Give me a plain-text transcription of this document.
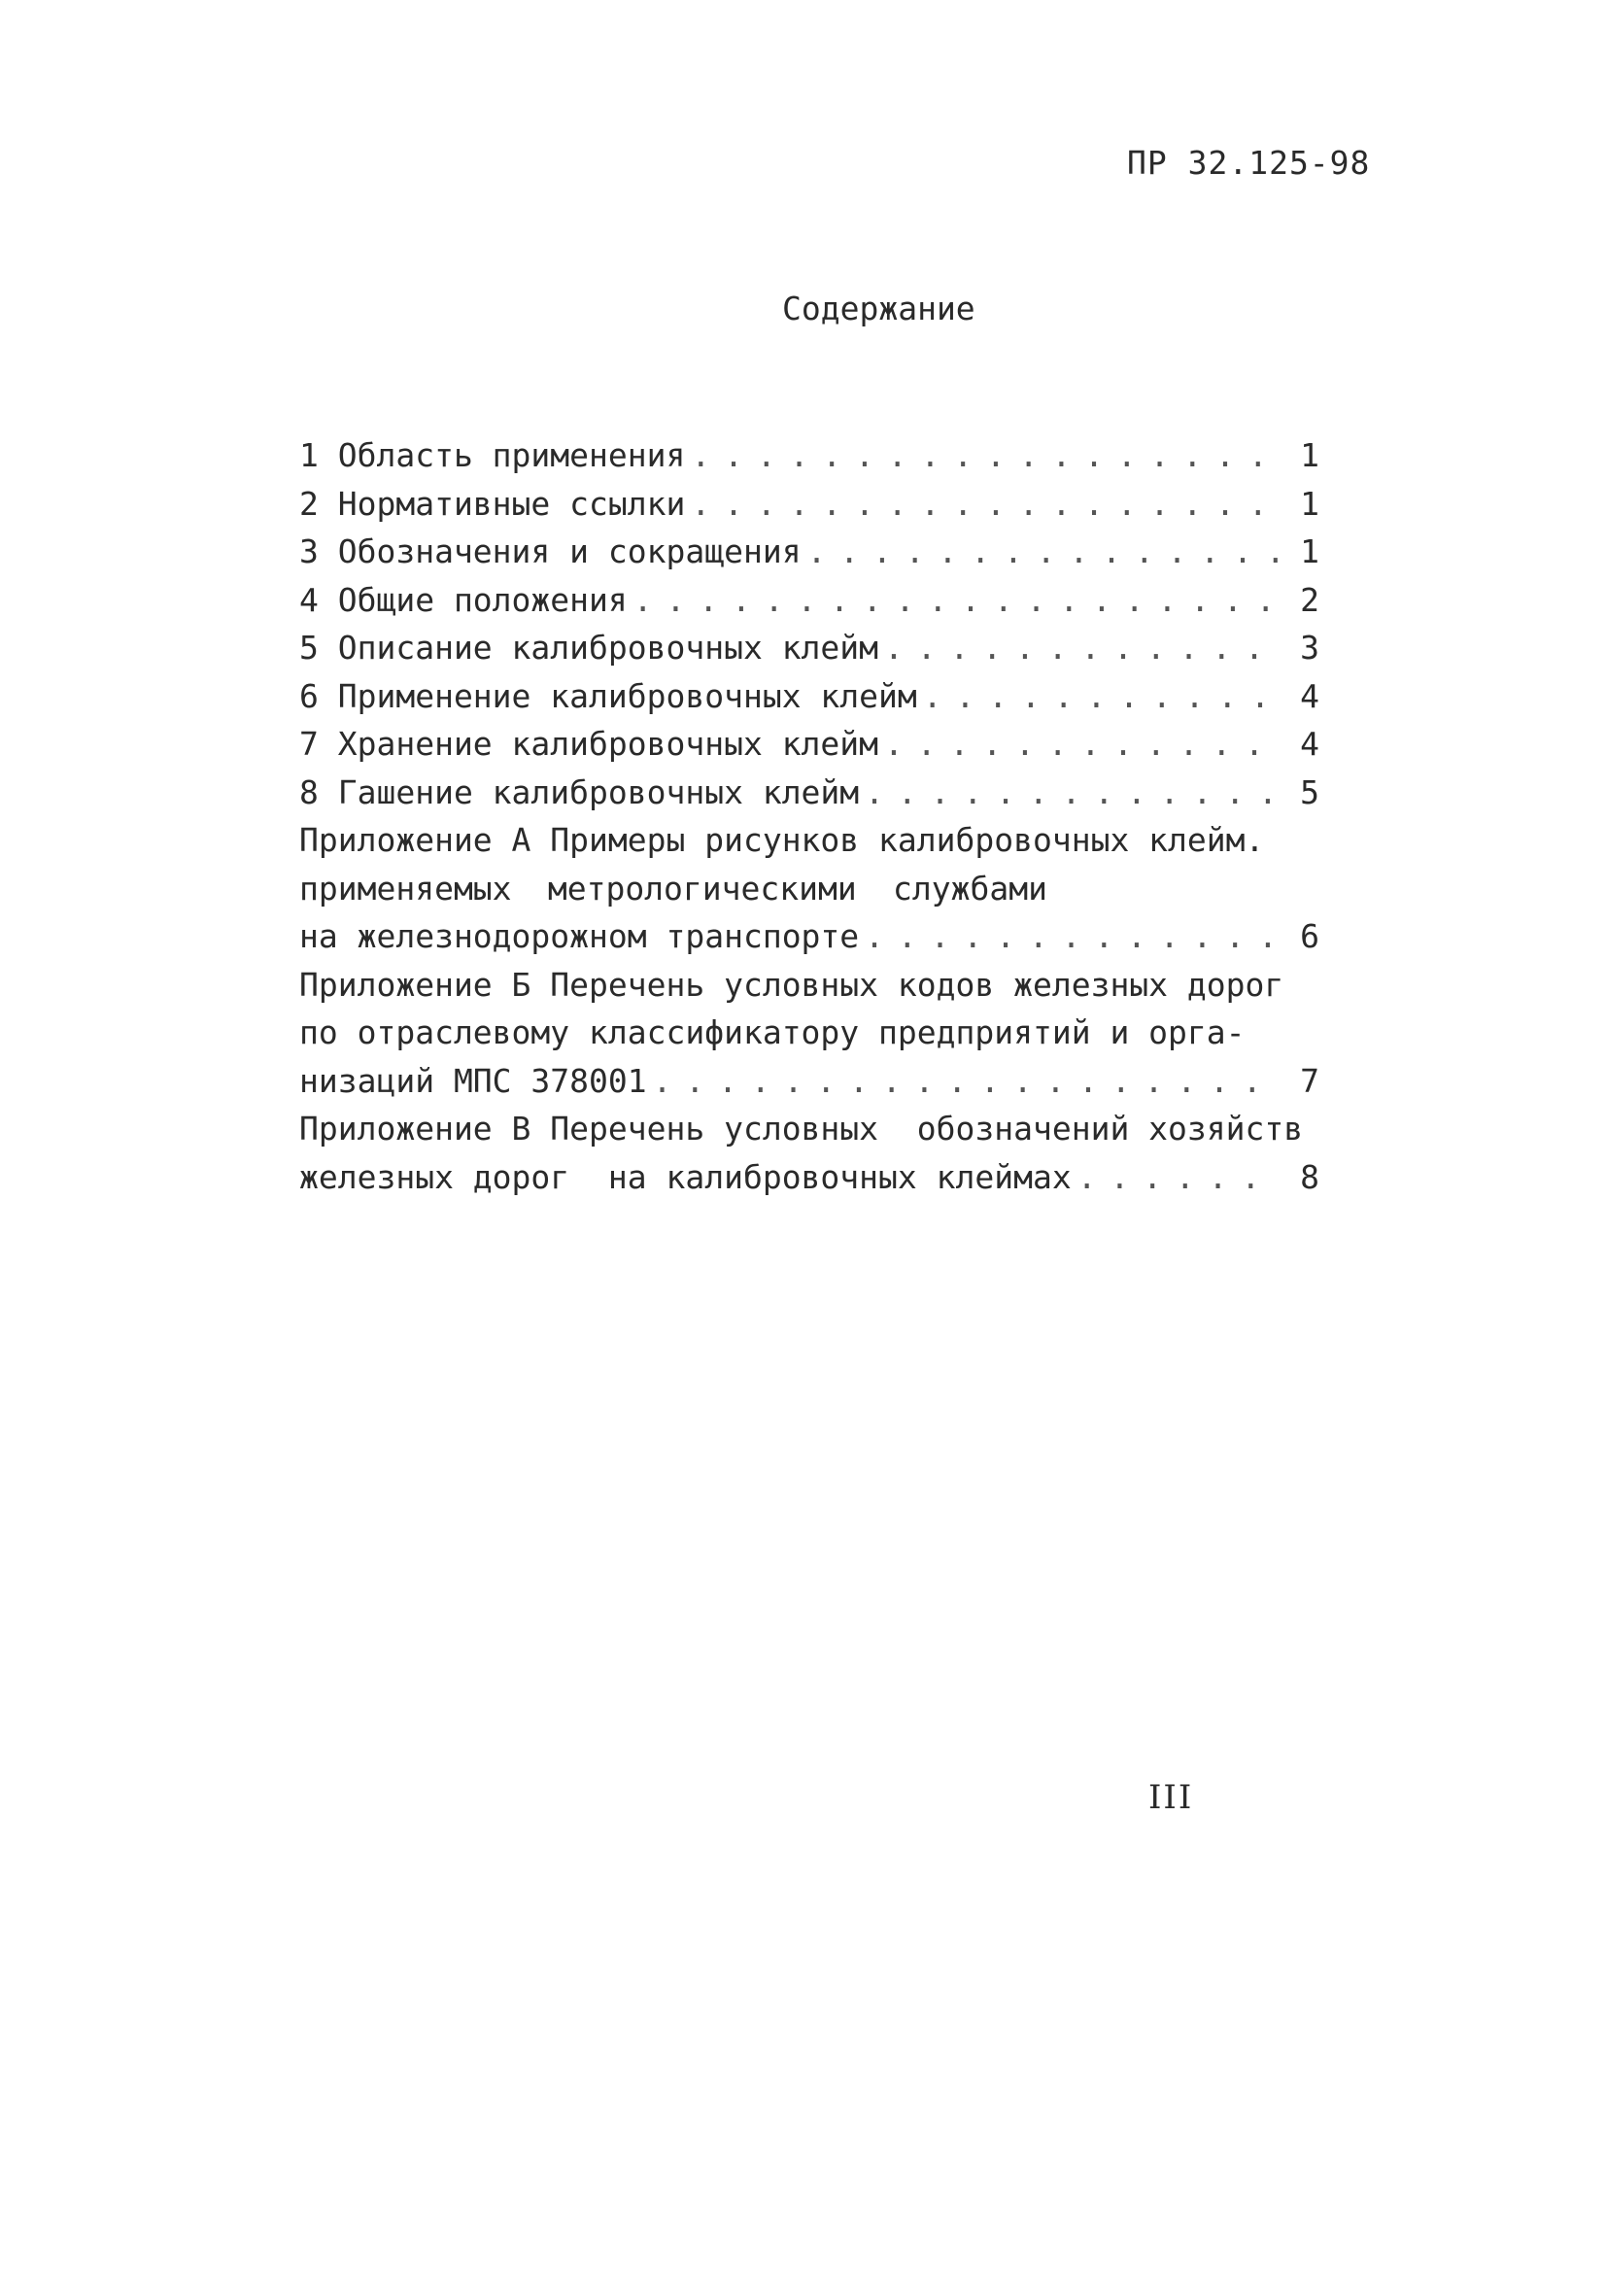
ПР 32.125-98
Содержание
1 Область применения . . .	1
2 Нормативные ссылки . . .	1
3 Обозначения и сокращения . . .	1
4 Общие положения . . .	2
5 Описание калибровочных клейм . . .	3
6 Применение калибровочных клейм . . .	4
7 Хранение калибровочных клейм . . .	4
8 Гашение калибровочных клейм . . .	5
Приложение А Примеры рисунков калибровочных клейм.
применяемых метрологическими службами
на железнодорожном транспорте . . .	6
Приложение Б Перечень условных кодов железных дорог
по отраслевому классификатору предприятий и орга-
низаций МПС 378001 . . .	7
Приложение В Перечень условных  обозначений хозяйств
железных дорог  на калибровочных клеймах . . .	8
III
